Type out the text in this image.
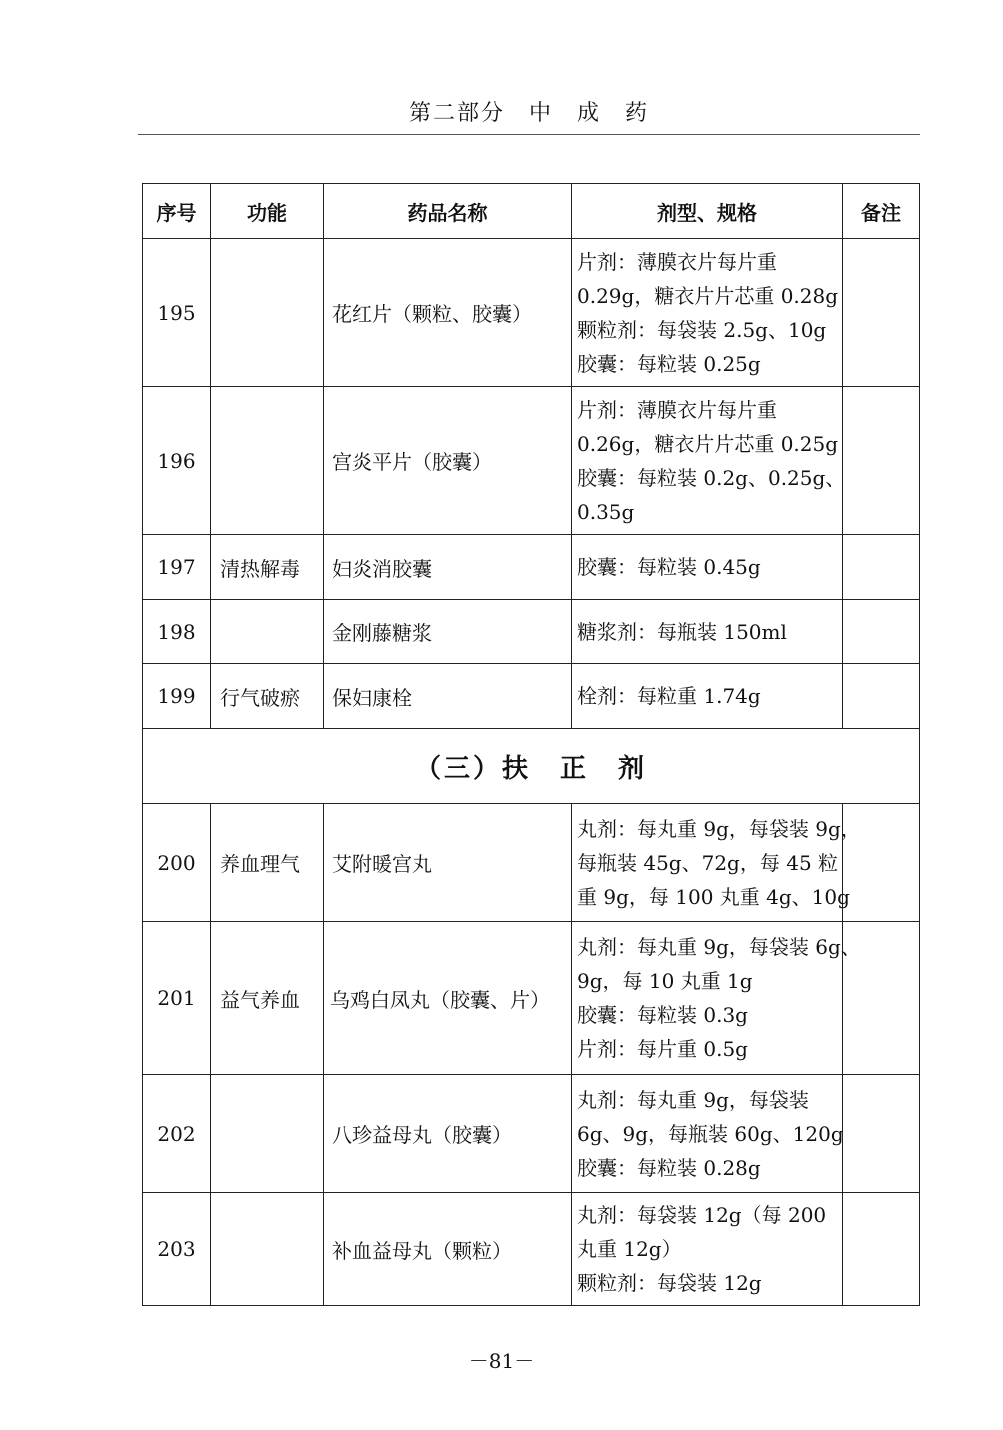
第二部分　中　成　药
序号	功能	药品名称	剂型、规格	备注
195		花红片（颗粒、胶囊）	片剂：薄膜衣片每片重
0.29g，糖衣片片芯重 0.28g
颗粒剂：每袋装 2.5g、10g
胶囊：每粒装 0.25g	

196		宫炎平片（胶囊）	片剂：薄膜衣片每片重
0.26g，糖衣片片芯重 0.25g
胶囊：每粒装 0.2g、0.25g、
0.35g	

197	清热解毒	妇炎消胶囊	胶囊：每粒装 0.45g	

198		金刚藤糖浆	糖浆剂：每瓶装 150ml	

199	行气破瘀	保妇康栓	栓剂：每粒重 1.74g	

（三）扶　正　剂				
200	养血理气	艾附暖宫丸	丸剂：每丸重 9g，每袋装 9g，
每瓶装 45g、72g，每 45 粒
重 9g，每 100 丸重 4g、10g	

201	益气养血	乌鸡白凤丸（胶囊、片）	丸剂：每丸重 9g，每袋装 6g、
9g，每 10 丸重 1g
胶囊：每粒装 0.3g
片剂：每片重 0.5g	

202		八珍益母丸（胶囊）	丸剂：每丸重 9g，每袋装
6g、9g，每瓶装 60g、120g
胶囊：每粒装 0.28g	

203		补血益母丸（颗粒）	丸剂：每袋装 12g（每 200
丸重 12g）
颗粒剂：每袋装 12g	

－81－
